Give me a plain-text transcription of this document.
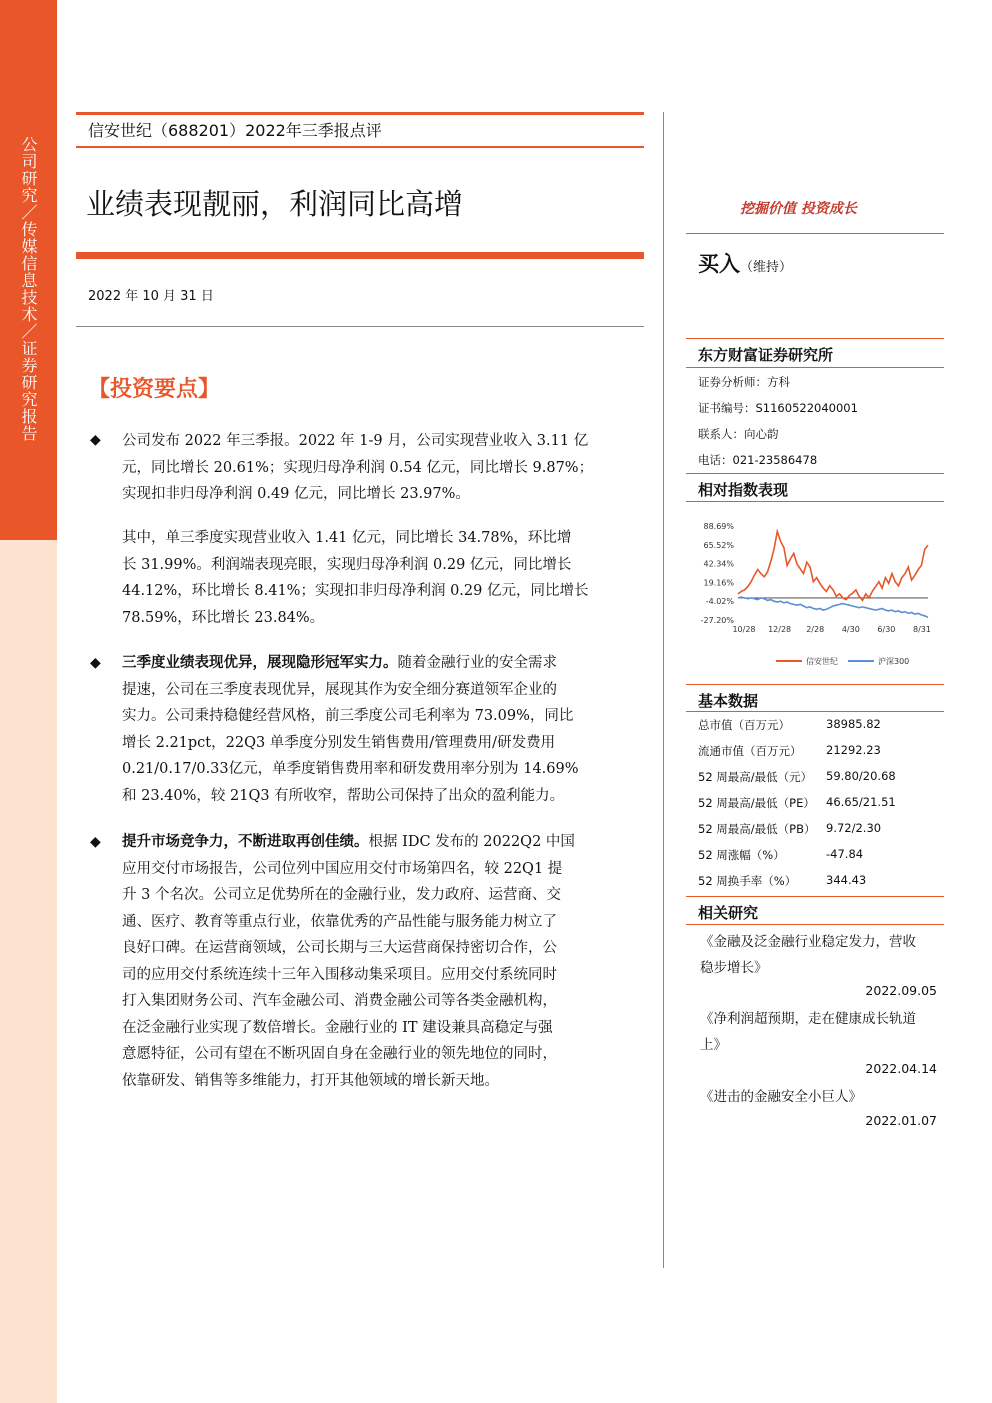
公司研究／传媒信息技术／证券研究报告
信安世纪（688201）2022年三季报点评
业绩表现靓丽，利润同比高增
2022 年 10 月 31 日
【投资要点】
◆ 公司发布 2022 年三季报。2022 年 1-9 月，公司实现营业收入 3.11 亿
元，同比增长 20.61%；实现归母净利润 0.54 亿元，同比增长 9.87%；
实现扣非归母净利润 0.49 亿元，同比增长 23.97%。
其中，单三季度实现营业收入 1.41 亿元，同比增长 34.78%，环比增
长 31.99%。利润端表现亮眼，实现归母净利润 0.29 亿元，同比增长
44.12%，环比增长 8.41%；实现扣非归母净利润 0.29 亿元，同比增长
78.59%，环比增长 23.84%。
◆ 三季度业绩表现优异，展现隐形冠军实力。随着金融行业的安全需求
提速，公司在三季度表现优异，展现其作为安全细分赛道领军企业的
实力。公司秉持稳健经营风格，前三季度公司毛利率为 73.09%，同比
增长 2.21pct，22Q3 单季度分别发生销售费用/管理费用/研发费用
0.21/0.17/0.33亿元，单季度销售费用率和研发费用率分别为 14.69%
和 23.40%，较 21Q3 有所收窄，帮助公司保持了出众的盈利能力。
◆ 提升市场竞争力，不断进取再创佳绩。根据 IDC 发布的 2022Q2 中国
应用交付市场报告，公司位列中国应用交付市场第四名，较 22Q1 提
升 3 个名次。公司立足优势所在的金融行业，发力政府、运营商、交
通、医疗、教育等重点行业，依靠优秀的产品性能与服务能力树立了
良好口碑。在运营商领域，公司长期与三大运营商保持密切合作，公
司的应用交付系统连续十三年入围移动集采项目。应用交付系统同时
打入集团财务公司、汽车金融公司、消费金融公司等各类金融机构，
在泛金融行业实现了数倍增长。金融行业的 IT 建设兼具高稳定与强
意愿特征，公司有望在不断巩固自身在金融行业的领先地位的同时，
依靠研发、销售等多维能力，打开其他领域的增长新天地。
挖掘价值 投资成长
买入（维持）
东方财富证券研究所
证券分析师：方科
证书编号：S1160522040001
联系人：向心韵
电话：021-23586478
相对指数表现
88.69%
65.52%
42.34%
19.16%
-4.02%
-27.20%
10/28 12/28 2/28 4/30 6/30 8/31
信安世纪	沪深300
基本数据
总市值（百万元）	38985.82
流通市值（百万元） 21292.23
52 周最高/最低（元） 59.80/20.68
52 周最高/最低（PE） 46.65/21.51
52 周最高/最低（PB） 9.72/2.30
52 周涨幅（%）	-47.84
52 周换手率（%）	344.43
相关研究
《金融及泛金融行业稳定发力，营收
稳步增长》
2022.09.05
《净利润超预期，走在健康成长轨道
上》
2022.04.14
《进击的金融安全小巨人》
2022.01.07
